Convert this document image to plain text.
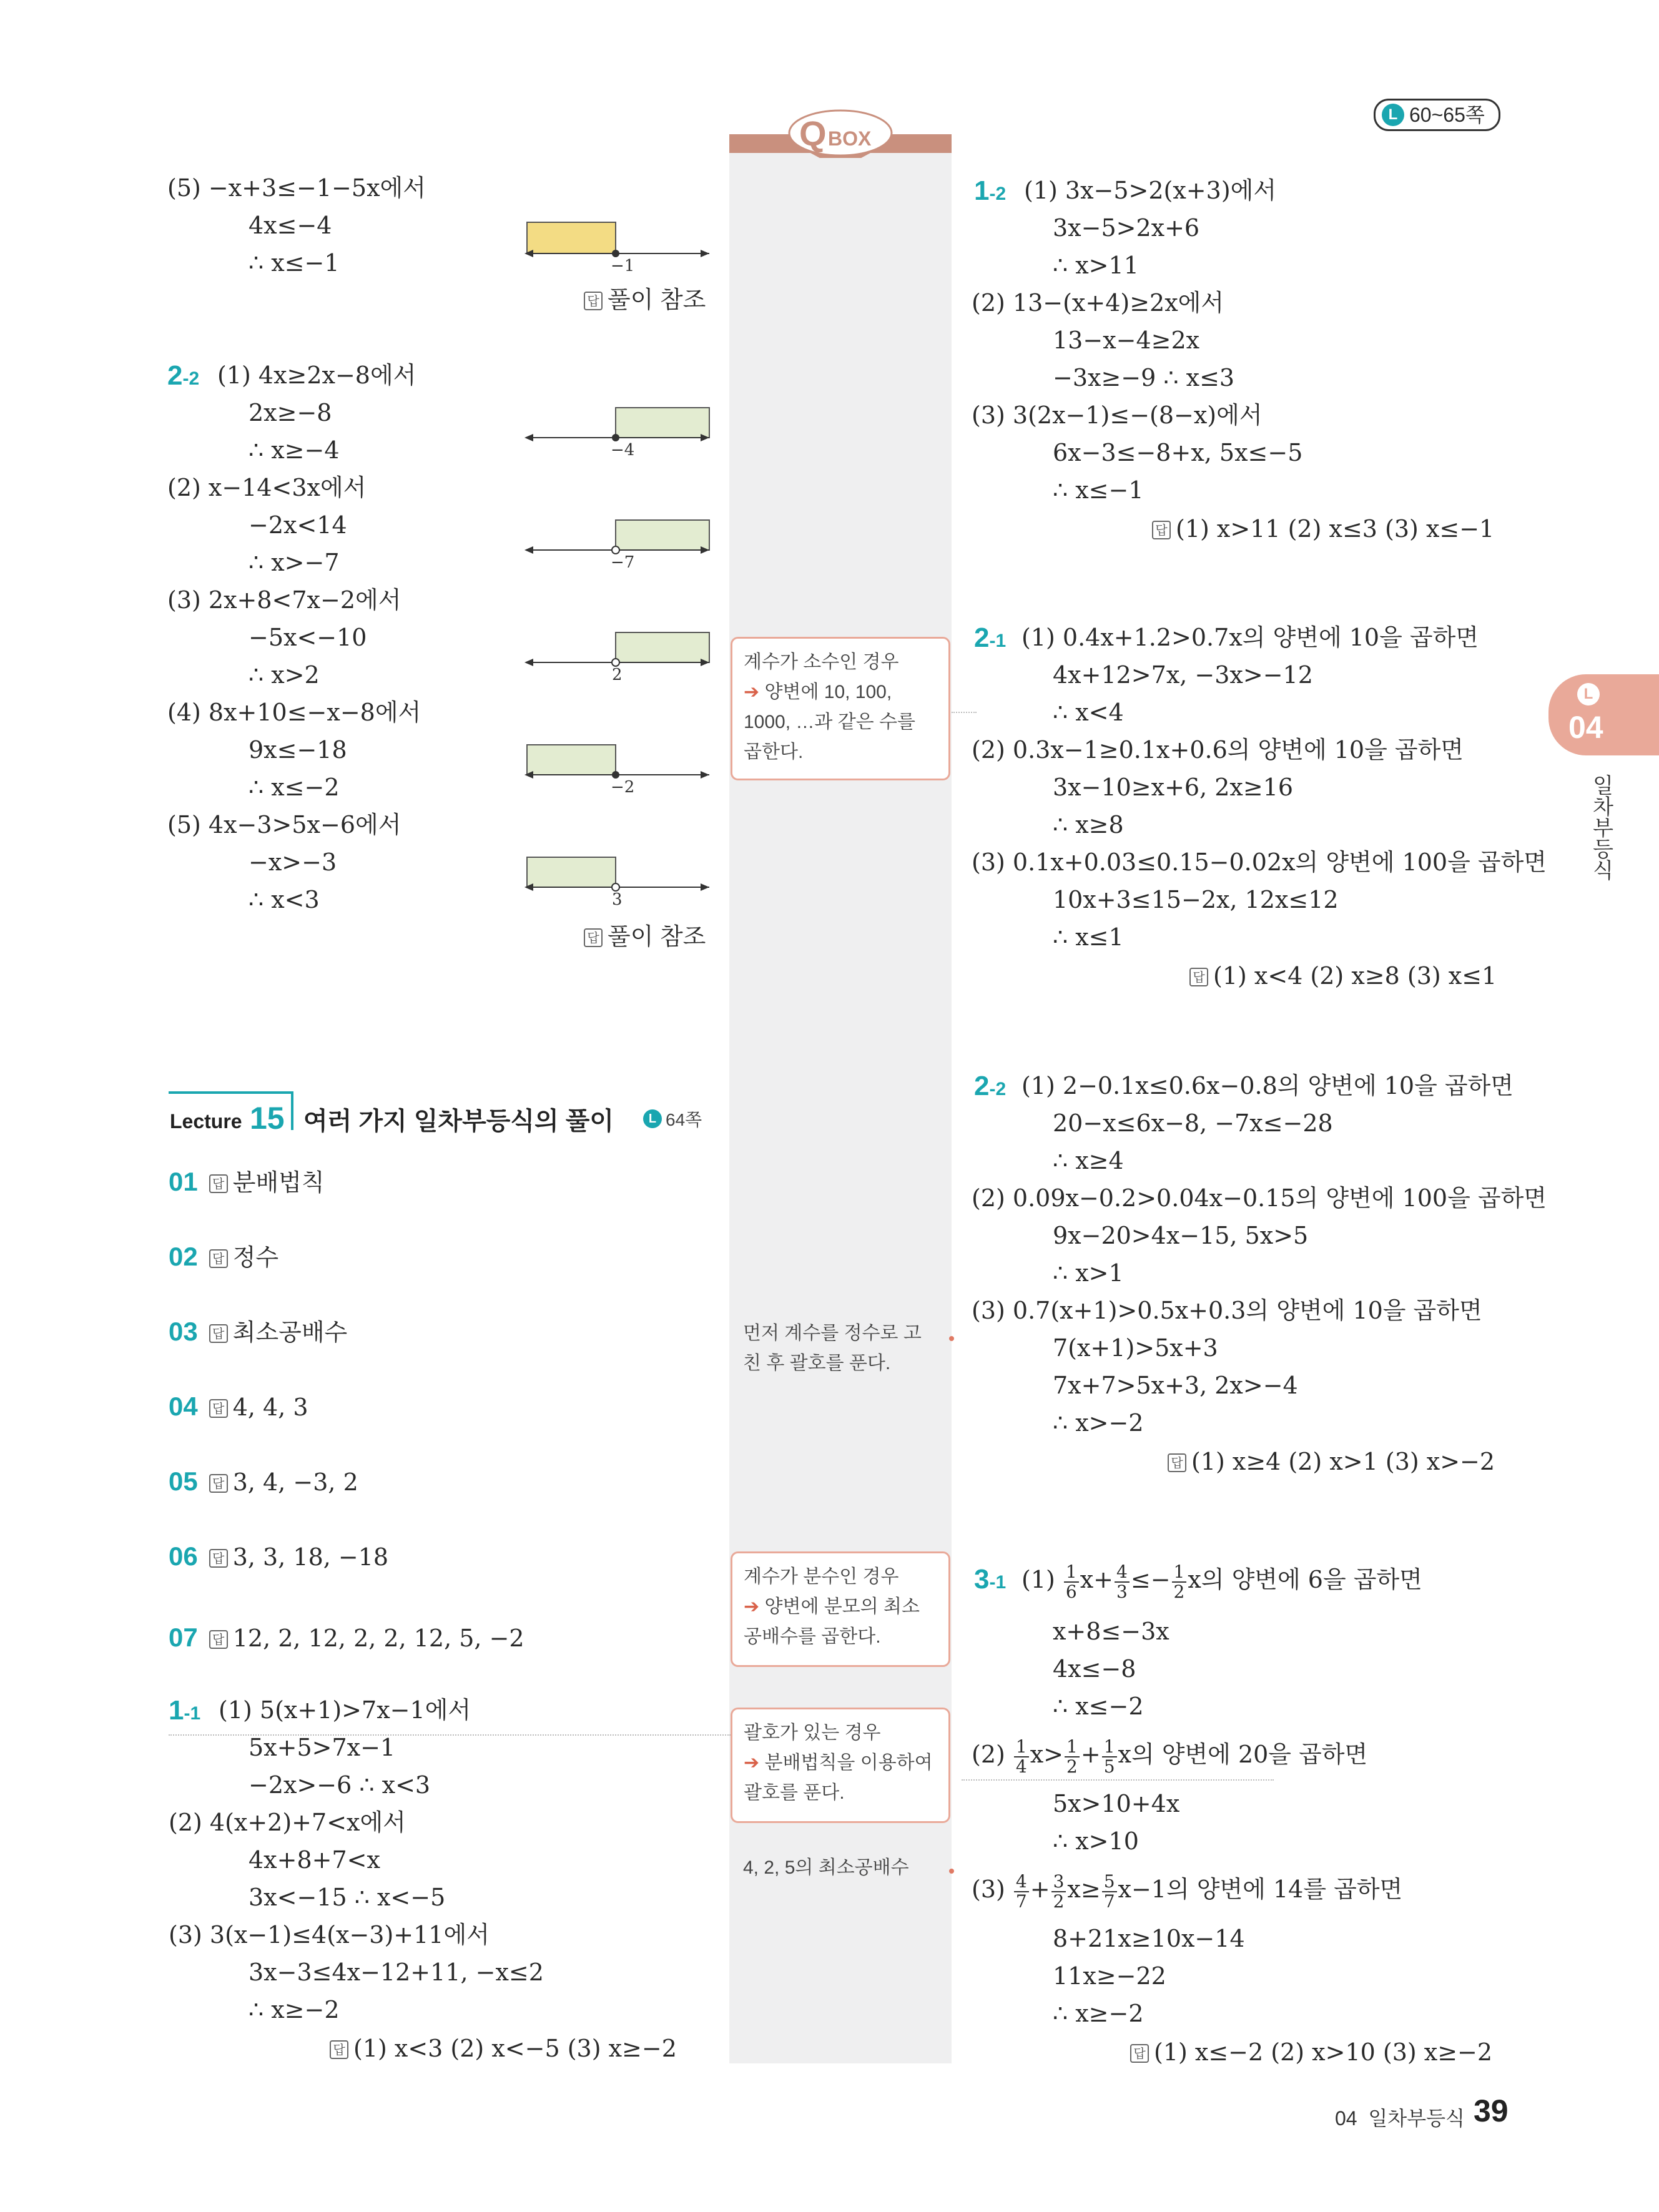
Q BOX
L 60~65쪽
L
04
일차부등식
(5) −x+3≤−1−5x에서
4x≤−4
∴ x≤−1	−1
답풀이 참조
2-2 (1) 4x≥2x−8에서
2x≥−8
∴ x≥−4
(2) x−14<3x에서
−2x<14
∴ x>−7
(3) 2x+8<7x−2에서
−5x<−10
∴ x>2
(4) 8x+10≤−x−8에서
9x≤−18
∴ x≤−2
(5) 4x−3>5x−6에서
−x>−3
∴ x<3
−4
−7
2
−2
3
답풀이 참조
Lecture 15 여러 가지 일차부등식의 풀이	L 64쪽
01 답 분배법칙
02 답 정수
03 답 최소공배수
04 답 4, 4, 3
05 답 3, 4, −3, 2
06 답 3, 3, 18, −18
07 답 12, 2, 12, 2, 2, 12, 5, −2
1-1 (1) 5(x+1)>7x−1에서
5x+5>7x−1
−2x>−6 ∴ x<3
(2) 4(x+2)+7<x에서
4x+8+7<x
3x<−15 ∴ x<−5
(3) 3(x−1)≤4(x−3)+11에서
3x−3≤4x−12+11, −x≤2
∴ x≥−2
답(1) x<3 (2) x<−5 (3) x≥−2
계수가 소수인 경우
➔ 양변에 10, 100, 1000, …과 같은 수를 곱한다.
먼저 계수를 정수로 고친 후 괄호를 푼다.
계수가 분수인 경우
➔ 양변에 분모의 최소공배수를 곱한다.
괄호가 있는 경우
➔ 분배법칙을 이용하여 괄호를 푼다.
4, 2, 5의 최소공배수
1-2 (1) 3x−5>2(x+3)에서
3x−5>2x+6
∴ x>11
(2) 13−(x+4)≥2x에서
13−x−4≥2x
−3x≥−9 ∴ x≤3
(3) 3(2x−1)≤−(8−x)에서
6x−3≤−8+x, 5x≤−5
∴ x≤−1
답(1) x>11 (2) x≤3 (3) x≤−1
2-1 (1) 0.4x+1.2>0.7x의 양변에 10을 곱하면
4x+12>7x, −3x>−12
∴ x<4
(2) 0.3x−1≥0.1x+0.6의 양변에 10을 곱하면
3x−10≥x+6, 2x≥16
∴ x≥8
(3) 0.1x+0.03≤0.15−0.02x의 양변에 100을 곱하면
10x+3≤15−2x, 12x≤12
∴ x≤1
답(1) x<4 (2) x≥8 (3) x≤1
2-2 (1) 2−0.1x≤0.6x−0.8의 양변에 10을 곱하면
20−x≤6x−8, −7x≤−28
∴ x≥4
(2) 0.09x−0.2>0.04x−0.15의 양변에 100을 곱하면
9x−20>4x−15, 5x>5
∴ x>1
(3) 0.7(x+1)>0.5x+0.3의 양변에 10을 곱하면
7(x+1)>5x+3
7x+7>5x+3, 2x>−4
∴ x>−2
답(1) x≥4 (2) x>1 (3) x>−2
3-1 $(1) \frac{1}{6} x+ \frac{4}{3} \le- \frac{1}{2}$ x의 양변에 6을 곱하면
x+8≤−3x
4x≤−8
∴ x≤−2
$(2) \frac{1}{4} x> \frac{1}{2} + \frac{1}{5}$ x의 양변에 20을 곱하면
5x>10+4x
∴ x>10
$(3) \frac{4}{7} + \frac{3}{2} x\ge \frac{5}{7} x-1$의 양변에 14를 곱하면
8+21x≥10x−14
11x≥−22
∴ x≥−2
답(1) x≤−2 (2) x>10 (3) x≥−2
04  일차부등식 39
